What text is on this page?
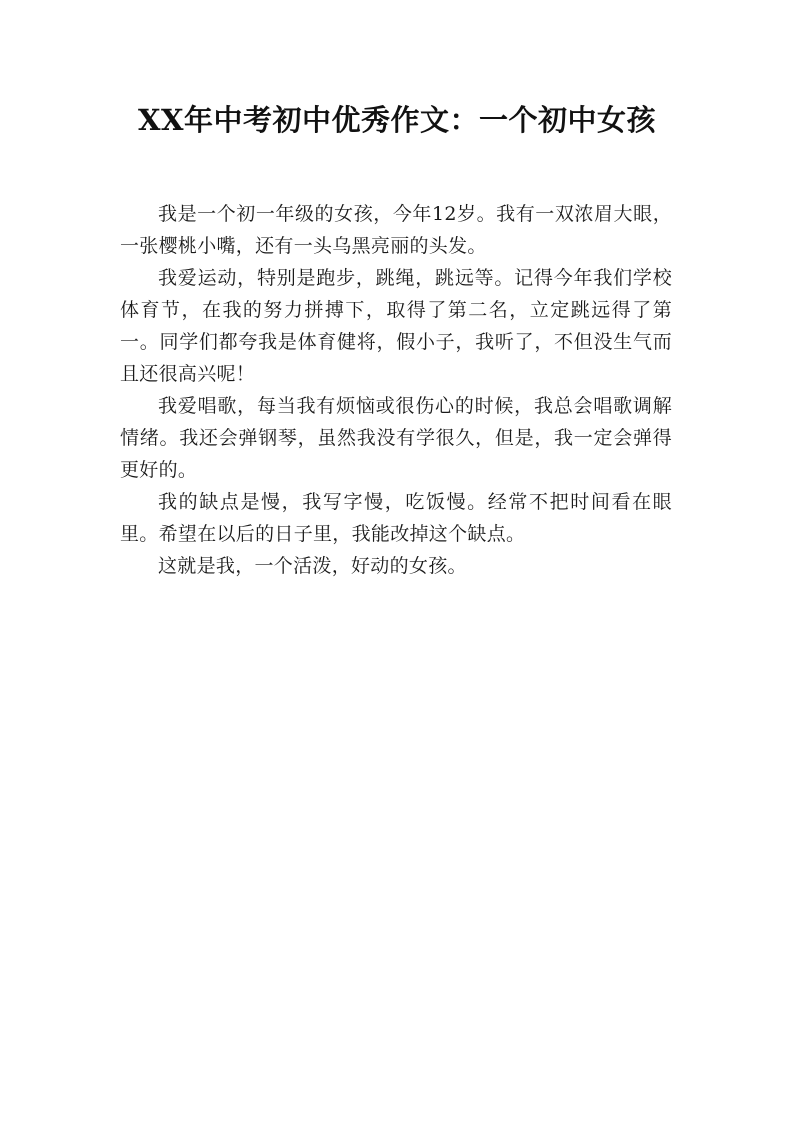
XX年中考初中优秀作文：一个初中女孩

我是一个初一年级的女孩，今年12岁。我有一双浓眉大眼，一张樱桃小嘴，还有一头乌黑亮丽的头发。

我爱运动，特别是跑步，跳绳，跳远等。记得今年我们学校体育节，在我的努力拼搏下，取得了第二名，立定跳远得了第一。同学们都夸我是体育健将，假小子，我听了，不但没生气而且还很高兴呢！

我爱唱歌，每当我有烦恼或很伤心的时候，我总会唱歌调解情绪。我还会弹钢琴，虽然我没有学很久，但是，我一定会弹得更好的。

我的缺点是慢，我写字慢，吃饭慢。经常不把时间看在眼里。希望在以后的日子里，我能改掉这个缺点。

这就是我，一个活泼，好动的女孩。
